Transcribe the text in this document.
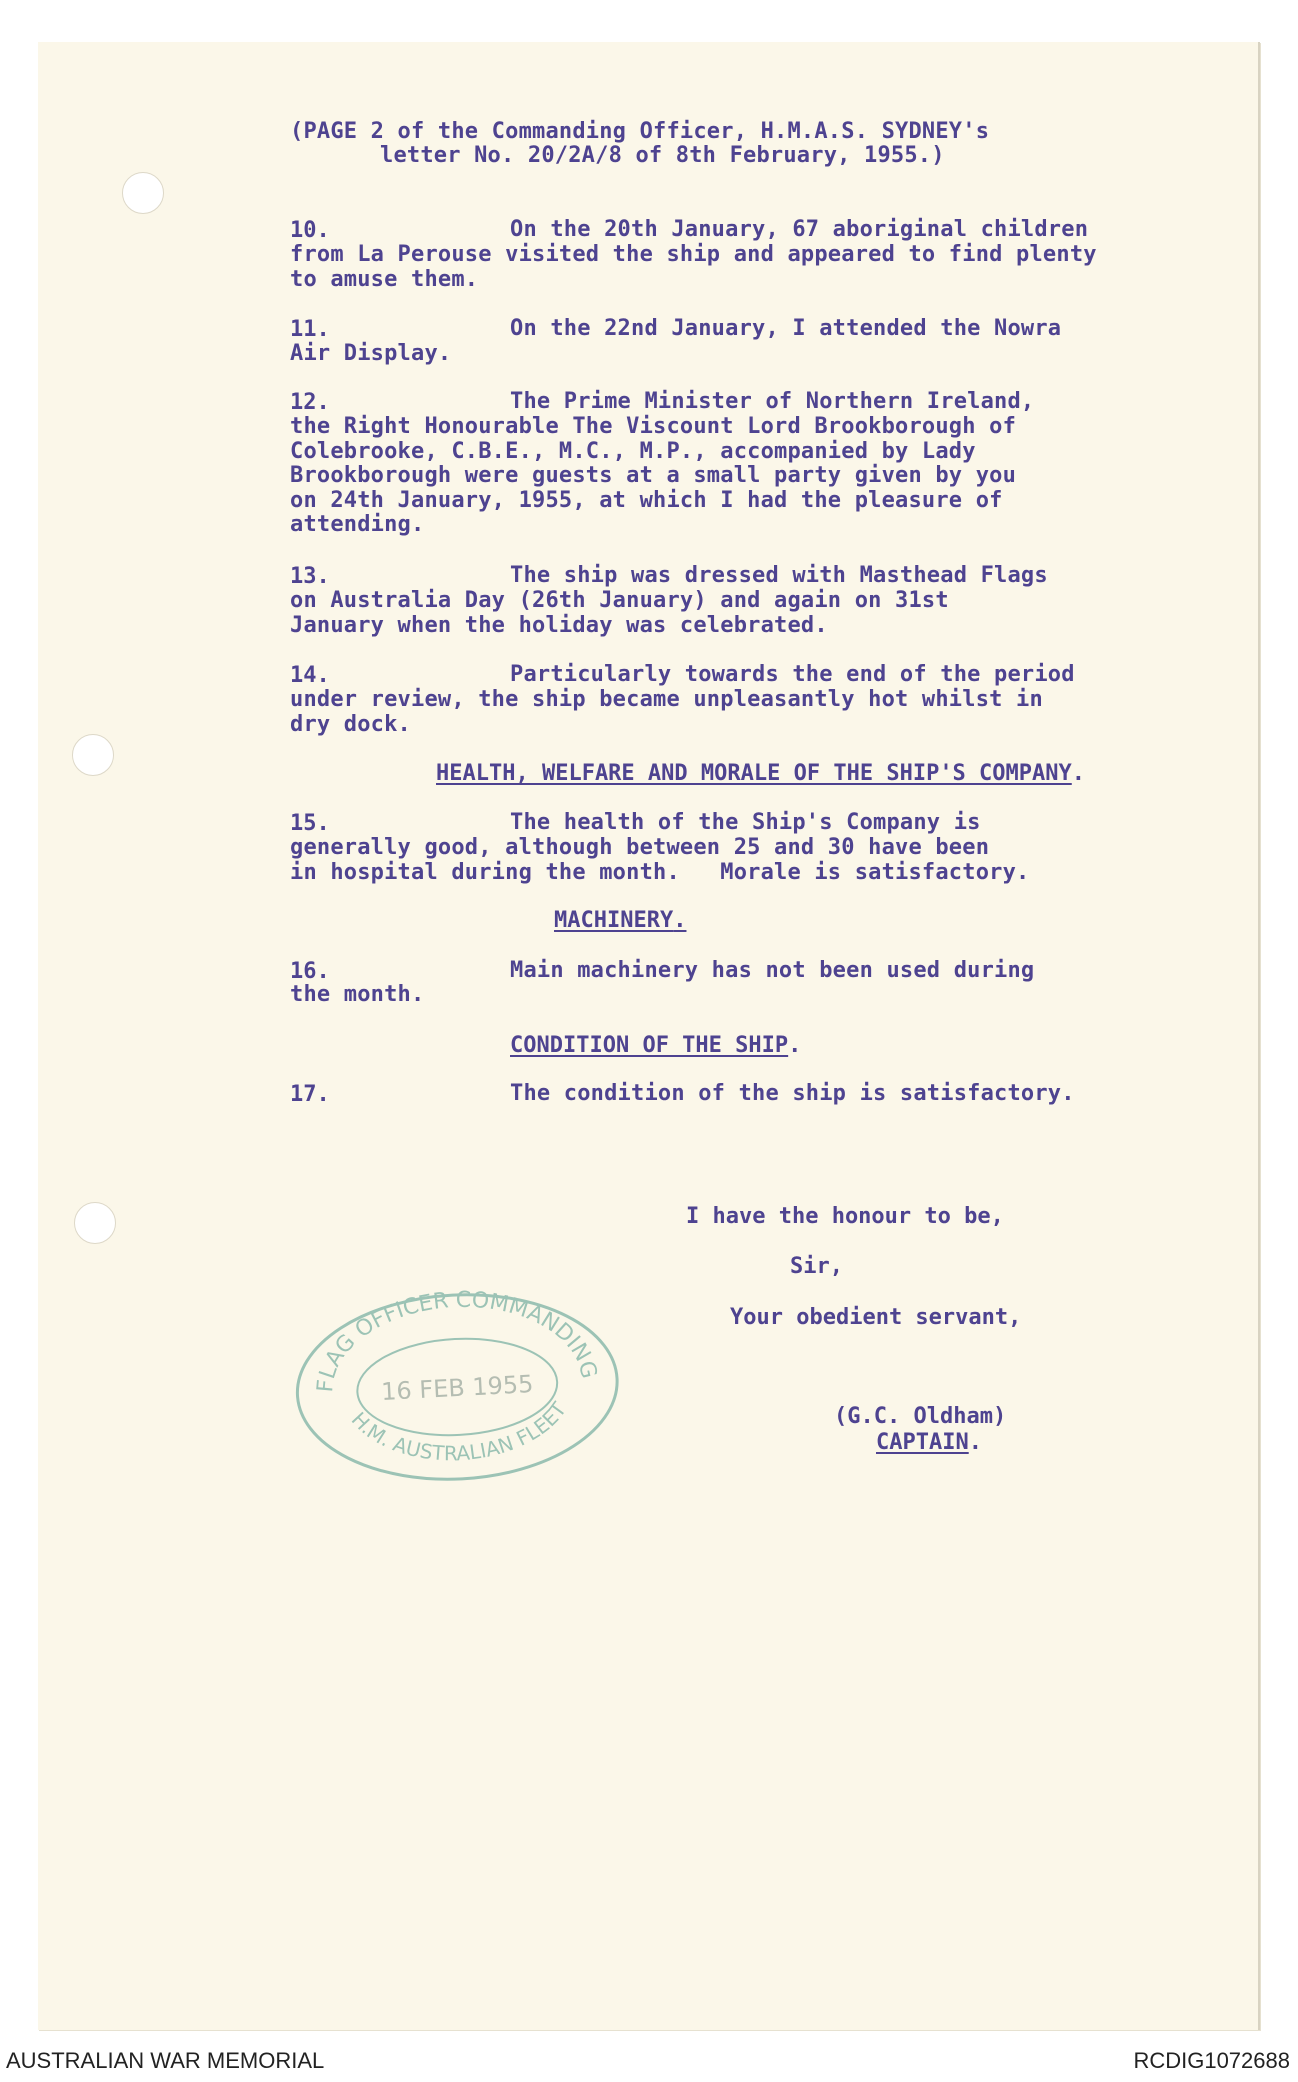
(PAGE 2 of the Commanding Officer, H.M.A.S. SYDNEY's
letter No. 20/2A/8 of 8th February, 1955.)
10.	On the 20th January, 67 aboriginal children
from La Perouse visited the ship and appeared to find plenty
to amuse them.
11.	On the 22nd January, I attended the Nowra
Air Display.
12.	The Prime Minister of Northern Ireland,
the Right Honourable The Viscount Lord Brookborough of
Colebrooke, C.B.E., M.C., M.P., accompanied by Lady
Brookborough were guests at a small party given by you
on 24th January, 1955, at which I had the pleasure of
attending.
13.	The ship was dressed with Masthead Flags
on Australia Day (26th January) and again on 31st
January when the holiday was celebrated.
14.	Particularly towards the end of the period
under review, the ship became unpleasantly hot whilst in
dry dock.
HEALTH, WELFARE AND MORALE OF THE SHIP'S COMPANY.
15.	The health of the Ship's Company is
generally good, although between 25 and 30 have been
in hospital during the month.   Morale is satisfactory.
MACHINERY.
16.	Main machinery has not been used during
the month.
CONDITION OF THE SHIP.
17.	The condition of the ship is satisfactory.
I have the honour to be,
Sir,
Your obedient servant,
(G.C. Oldham)
CAPTAIN.
FLAG OFFICER COMMANDING
16 FEB 1955
H.M. AUSTRALIAN FLEET
AUSTRALIAN WAR MEMORIAL	RCDIG1072688
